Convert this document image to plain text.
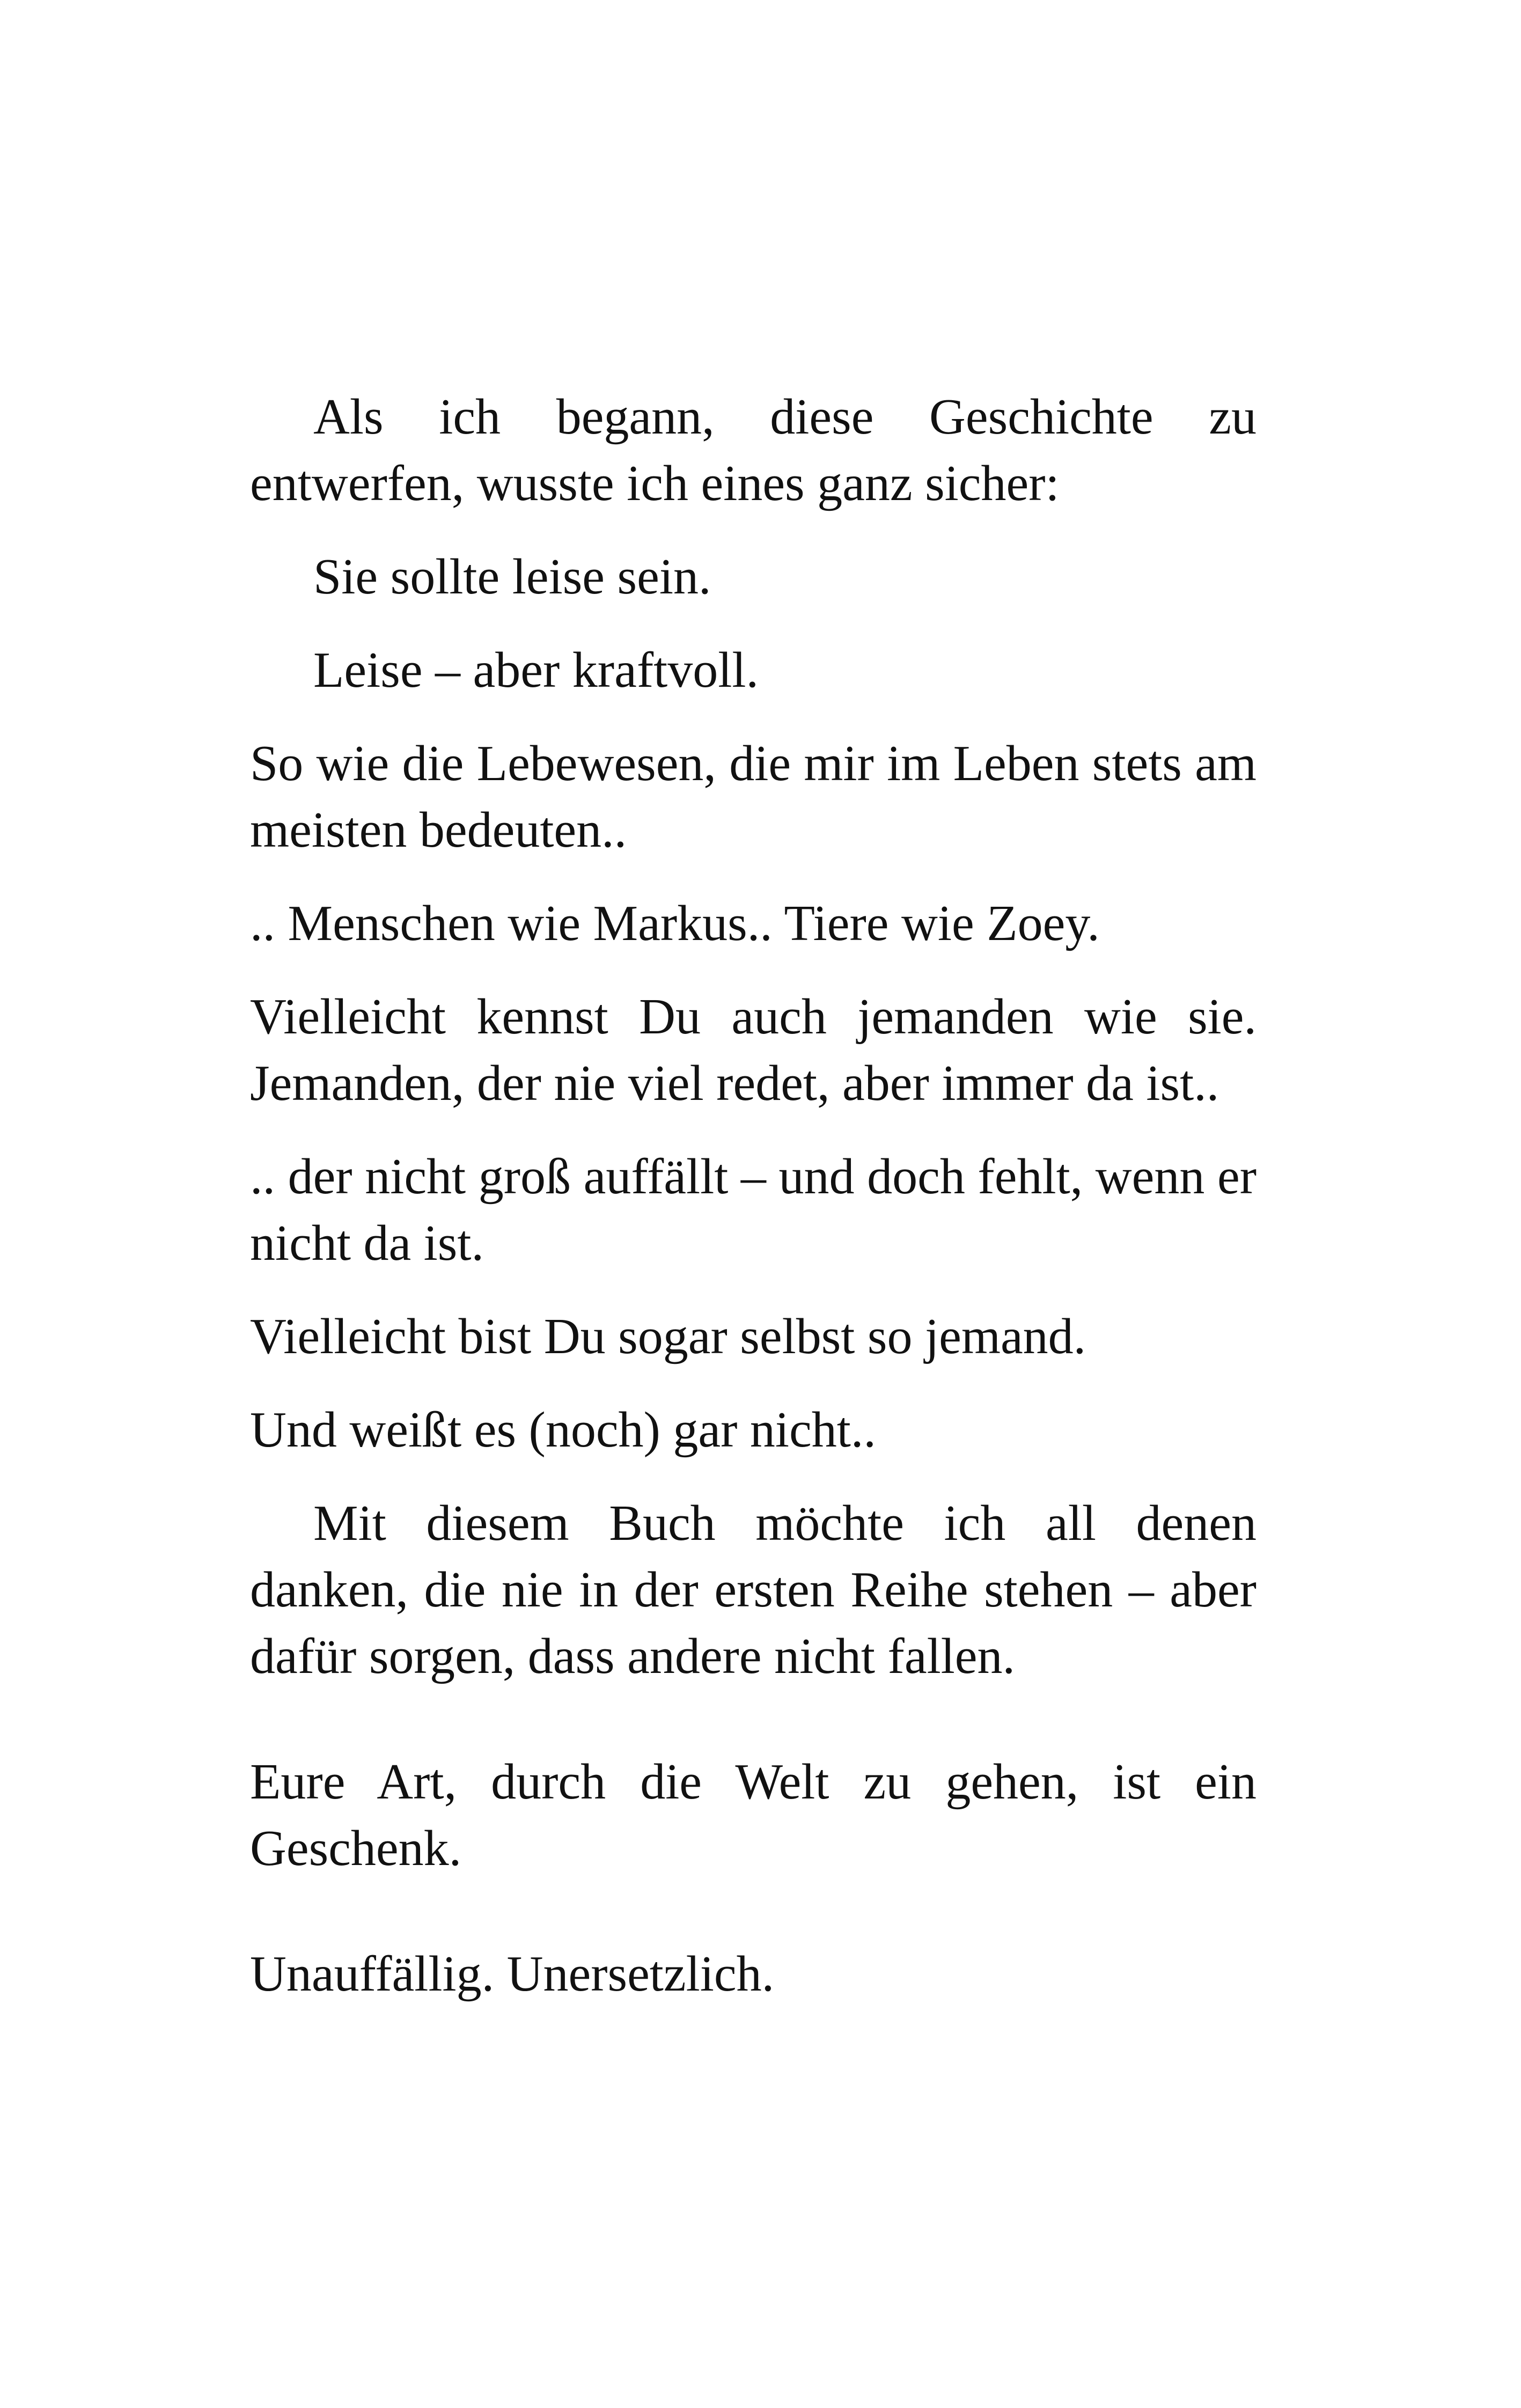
Als ich begann, diese Geschichte zu entwerfen, wusste ich eines ganz sicher:

Sie sollte leise sein.

Leise – aber kraftvoll.

So wie die Lebewesen, die mir im Leben stets am meisten bedeuten..

.. Menschen wie Markus.. Tiere wie Zoey.

Vielleicht kennst Du auch jemanden wie sie. Jemanden, der nie viel redet, aber immer da ist..

.. der nicht groß auffällt – und doch fehlt, wenn er nicht da ist.

Vielleicht bist Du sogar selbst so jemand.

Und weißt es (noch) gar nicht..

Mit diesem Buch möchte ich all denen danken, die nie in der ersten Reihe stehen – aber dafür sorgen, dass andere nicht fallen.

Eure Art, durch die Welt zu gehen, ist ein Geschenk.

Unauffällig. Unersetzlich.
